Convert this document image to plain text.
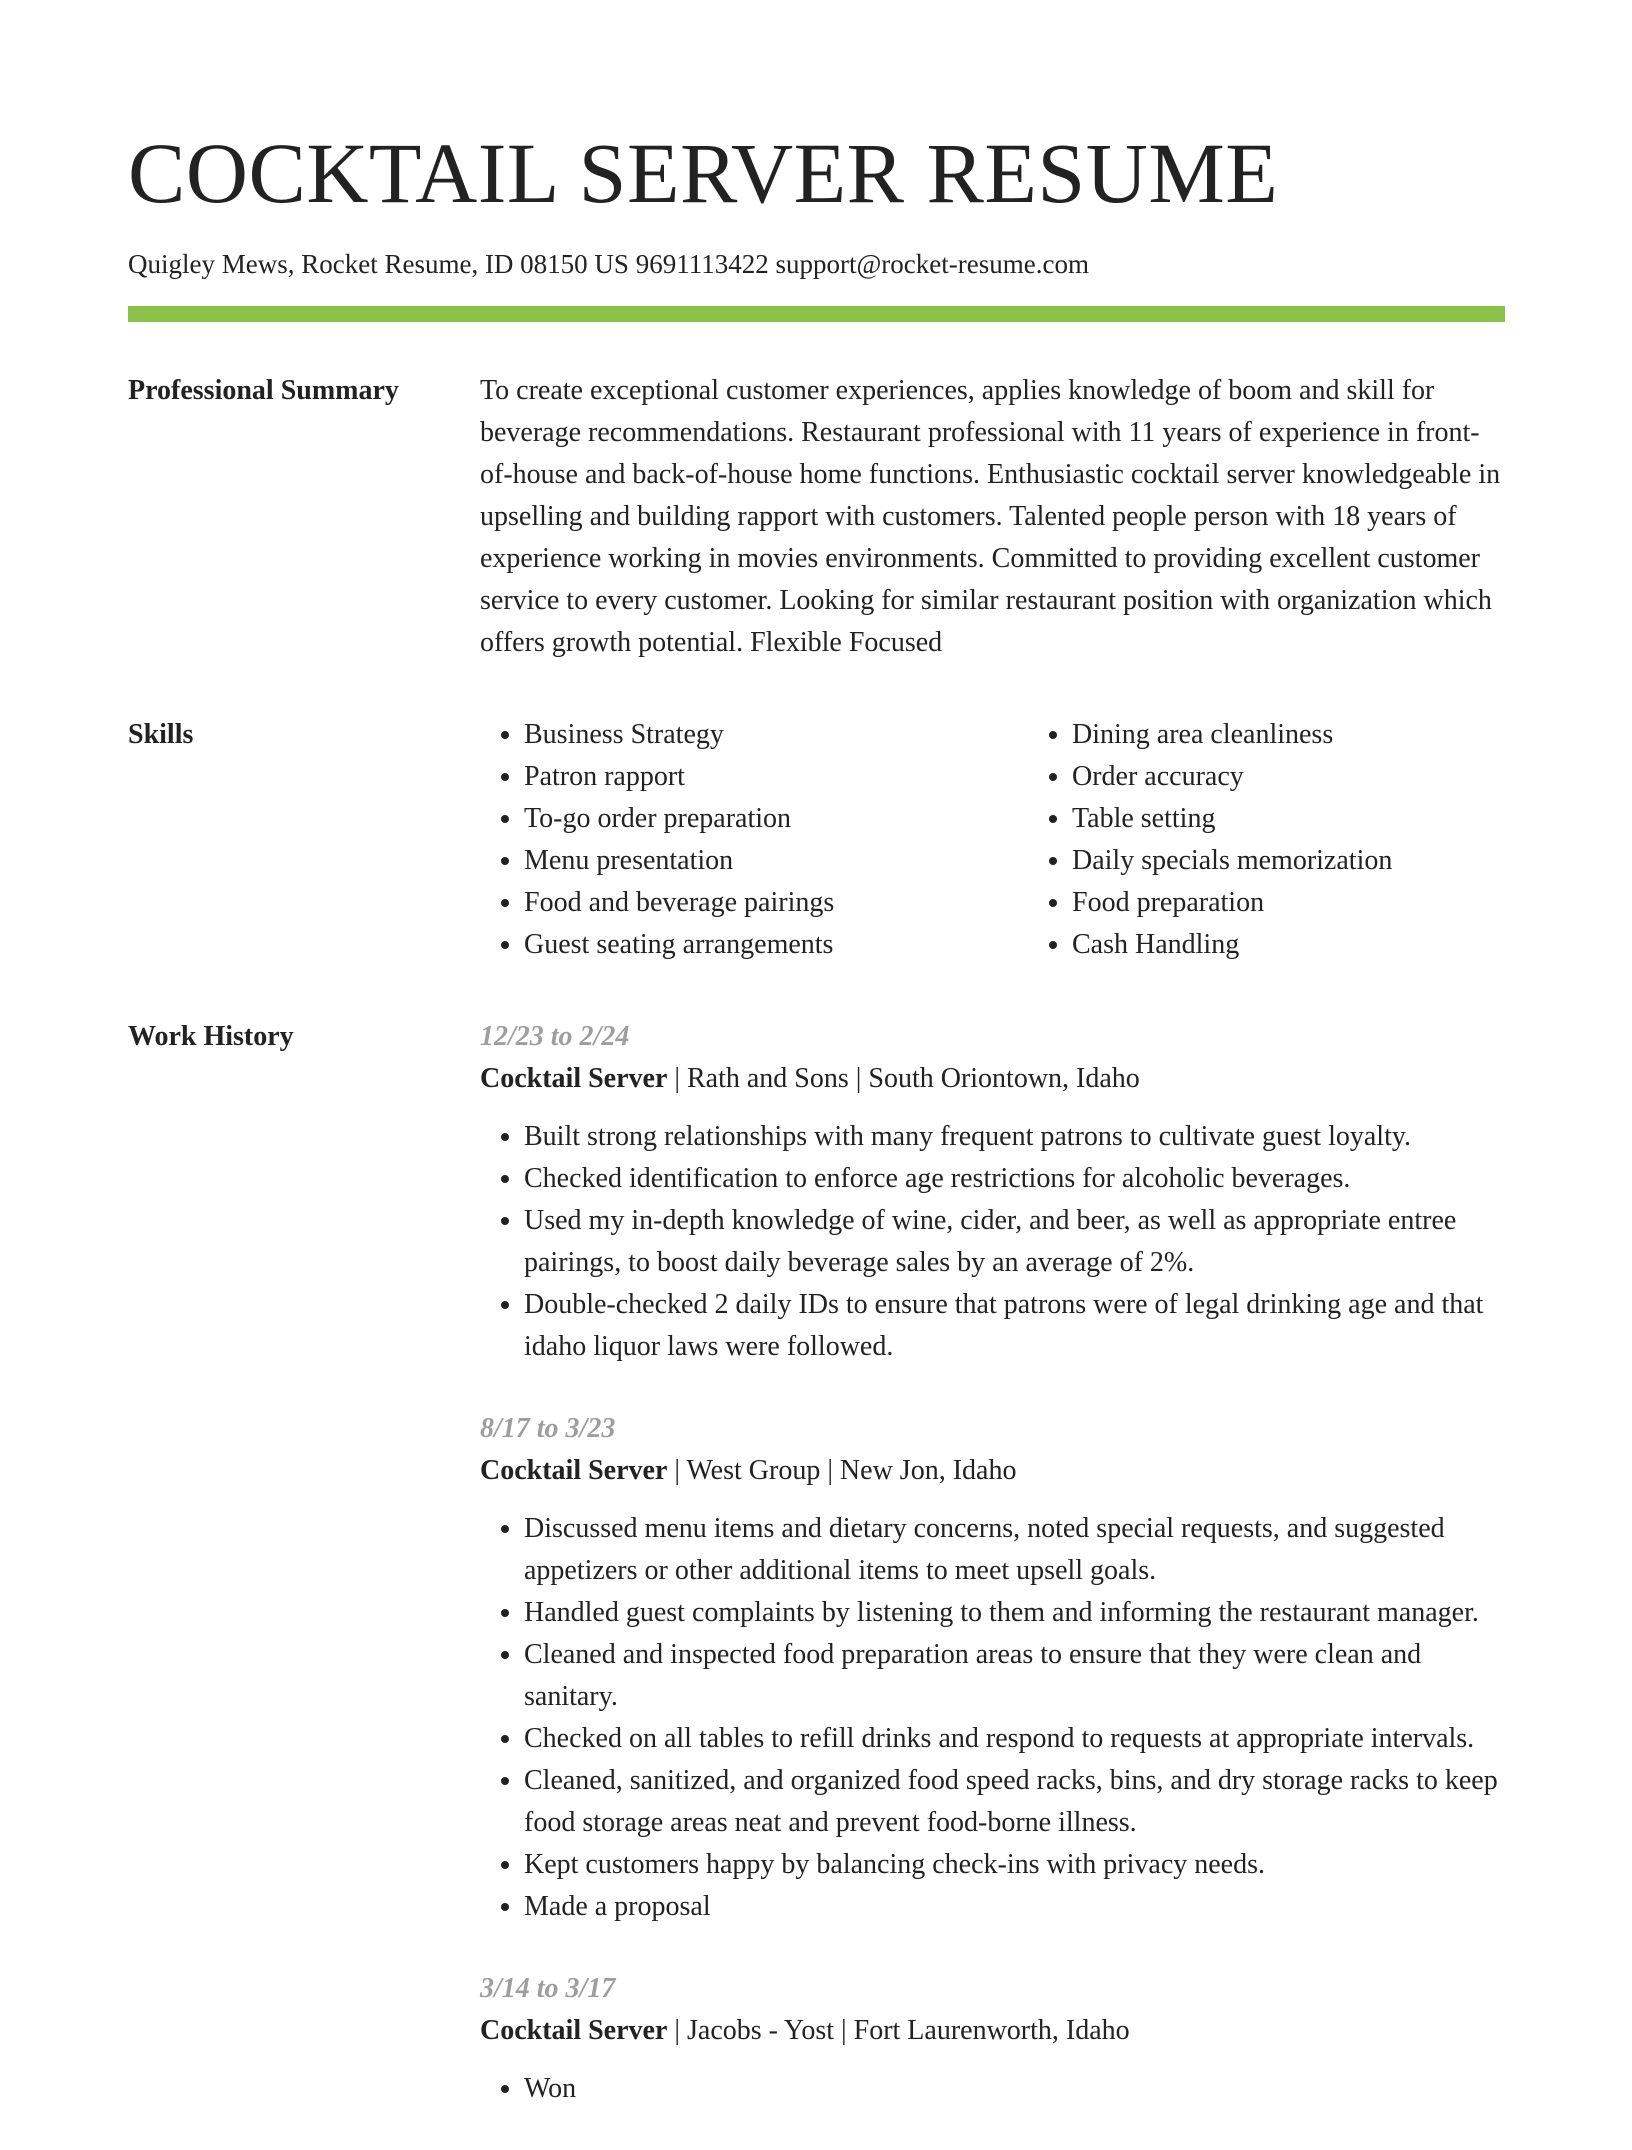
COCKTAIL SERVER RESUME
Quigley Mews, Rocket Resume, ID 08150 US 9691113422 support@rocket-resume.com
Professional Summary	To create exceptional customer experiences, applies knowledge of boom and skill for beverage recommendations. Restaurant professional with 11 years of experience in front-of-house and back-of-house home functions. Enthusiastic cocktail server knowledgeable in upselling and building rapport with customers. Talented people person with 18 years of experience working in movies environments. Committed to providing excellent customer service to every customer. Looking for similar restaurant position with organization which offers growth potential. Flexible Focused

Skills
•	Business Strategy
• Patron rapport
• To-go order preparation
• Menu presentation
• Food and beverage pairings
• Guest seating arrangements
• Dining area cleanliness
• Order accuracy
• Table setting
• Daily specials memorization
• Food preparation
• Cash Handling
Work History	12/23 to 2/24
Cocktail Server | Rath and Sons | South Oriontown, Idaho
• Built strong relationships with many frequent patrons to cultivate guest loyalty.
• Checked identification to enforce age restrictions for alcoholic beverages.
• Used my in-depth knowledge of wine, cider, and beer, as well as appropriate entree pairings, to boost daily beverage sales by an average of 2%.
• Double-checked 2 daily IDs to ensure that patrons were of legal drinking age and that idaho liquor laws were followed.
8/17 to 3/23
Cocktail Server | West Group | New Jon, Idaho
• Discussed menu items and dietary concerns, noted special requests, and suggested appetizers or other additional items to meet upsell goals.
• Handled guest complaints by listening to them and informing the restaurant manager.
• Cleaned and inspected food preparation areas to ensure that they were clean and sanitary.
• Checked on all tables to refill drinks and respond to requests at appropriate intervals.
• Cleaned, sanitized, and organized food speed racks, bins, and dry storage racks to keep food storage areas neat and prevent food-borne illness.
• Kept customers happy by balancing check-ins with privacy needs.
• Made a proposal
3/14 to 3/17
Cocktail Server | Jacobs - Yost | Fort Laurenworth, Idaho
• Won
